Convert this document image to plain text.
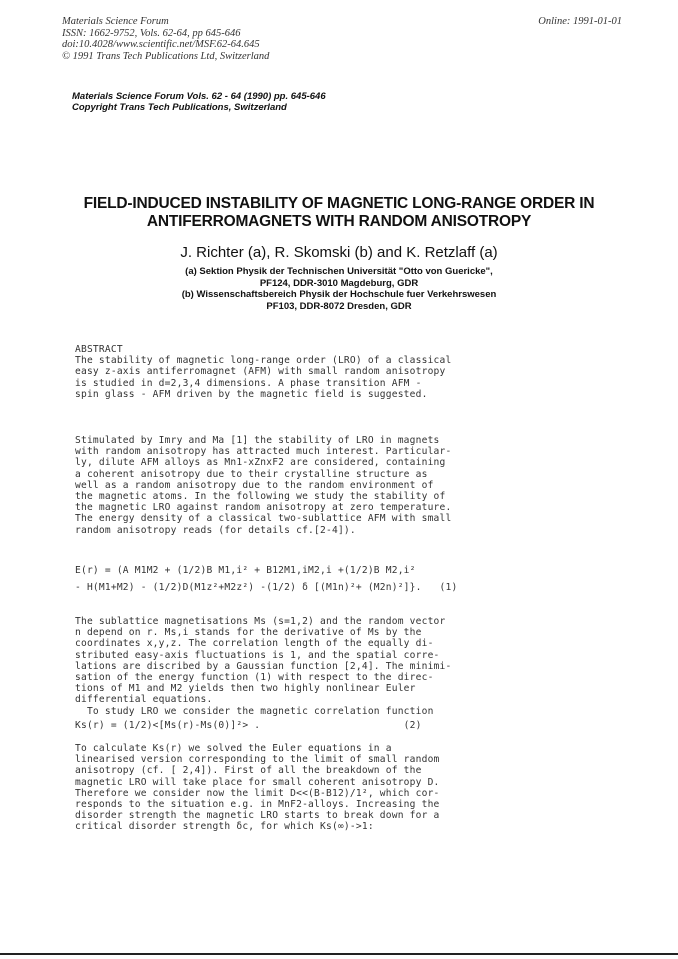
Materials Science Forum
ISSN: 1662-9752, Vols. 62-64, pp 645-646
doi:10.4028/www.scientific.net/MSF.62-64.645
© 1991 Trans Tech Publications Ltd, Switzerland
Online: 1991-01-01
Materials Science Forum Vols. 62 - 64 (1990) pp. 645-646
Copyright Trans Tech Publications, Switzerland
FIELD-INDUCED INSTABILITY OF MAGNETIC LONG-RANGE ORDER IN
ANTIFERROMAGNETS WITH RANDOM ANISOTROPY
J. Richter (a), R. Skomski (b) and K. Retzlaff (a)
(a) Sektion Physik der Technischen Universität "Otto von Guericke",
PF124, DDR-3010 Magdeburg, GDR
(b) Wissenschaftsbereich Physik der Hochschule fuer Verkehrswesen
PF103, DDR-8072 Dresden, GDR
ABSTRACT
The stability of magnetic long-range order (LRO) of a classical
easy z-axis antiferromagnet (AFM) with small random anisotropy
is studied in d=2,3,4 dimensions. A phase transition AFM -
spin glass - AFM driven by the magnetic field is suggested.
Stimulated by Imry and Ma [1] the stability of LRO in magnets
with random anisotropy has attracted much interest. Particular-
ly, dilute AFM alloys as Mn1-xZnxF2 are considered, containing
a coherent anisotropy due to their crystalline structure as
well as a random anisotropy due to the random environment of
the magnetic atoms. In the following we study the stability of
the magnetic LRO against random anisotropy at zero temperature.
The energy density of a classical two-sublattice AFM with small
random anisotropy reads (for details cf.[2-4]).
E(r) = (A M1M2 + (1/2)B M1,i² + B12M1,iM2,i +(1/2)B M2,i²
- H(M1+M2) - (1/2)D(M1z²+M2z²) -(1/2) δ [(M1n)²+ (M2n)²]}.   (1)
The sublattice magnetisations Ms (s=1,2) and the random vector
n depend on r. Ms,i stands for the derivative of Ms by the
coordinates x,y,z. The correlation length of the equally di-
stributed easy-axis fluctuations is 1, and the spatial corre-
lations are discribed by a Gaussian function [2,4]. The minimi-
sation of the energy function (1) with respect to the direc-
tions of M1 and M2 yields then two highly nonlinear Euler
differential equations.
To study LRO we consider the magnetic correlation function
Ks(r) = (1/2)<[Ms(r)-Ms(0)]²> .                        (2)
To calculate Ks(r) we solved the Euler equations in a
linearised version corresponding to the limit of small random
anisotropy (cf. [ 2,4]). First of all the breakdown of the
magnetic LRO will take place for small coherent anisotropy D.
Therefore we consider now the limit D<<(B-B12)/1², which cor-
responds to the situation e.g. in MnF2-alloys. Increasing the
disorder strength the magnetic LRO starts to break down for a
critical disorder strength δc, for which Ks(∞)->1:
